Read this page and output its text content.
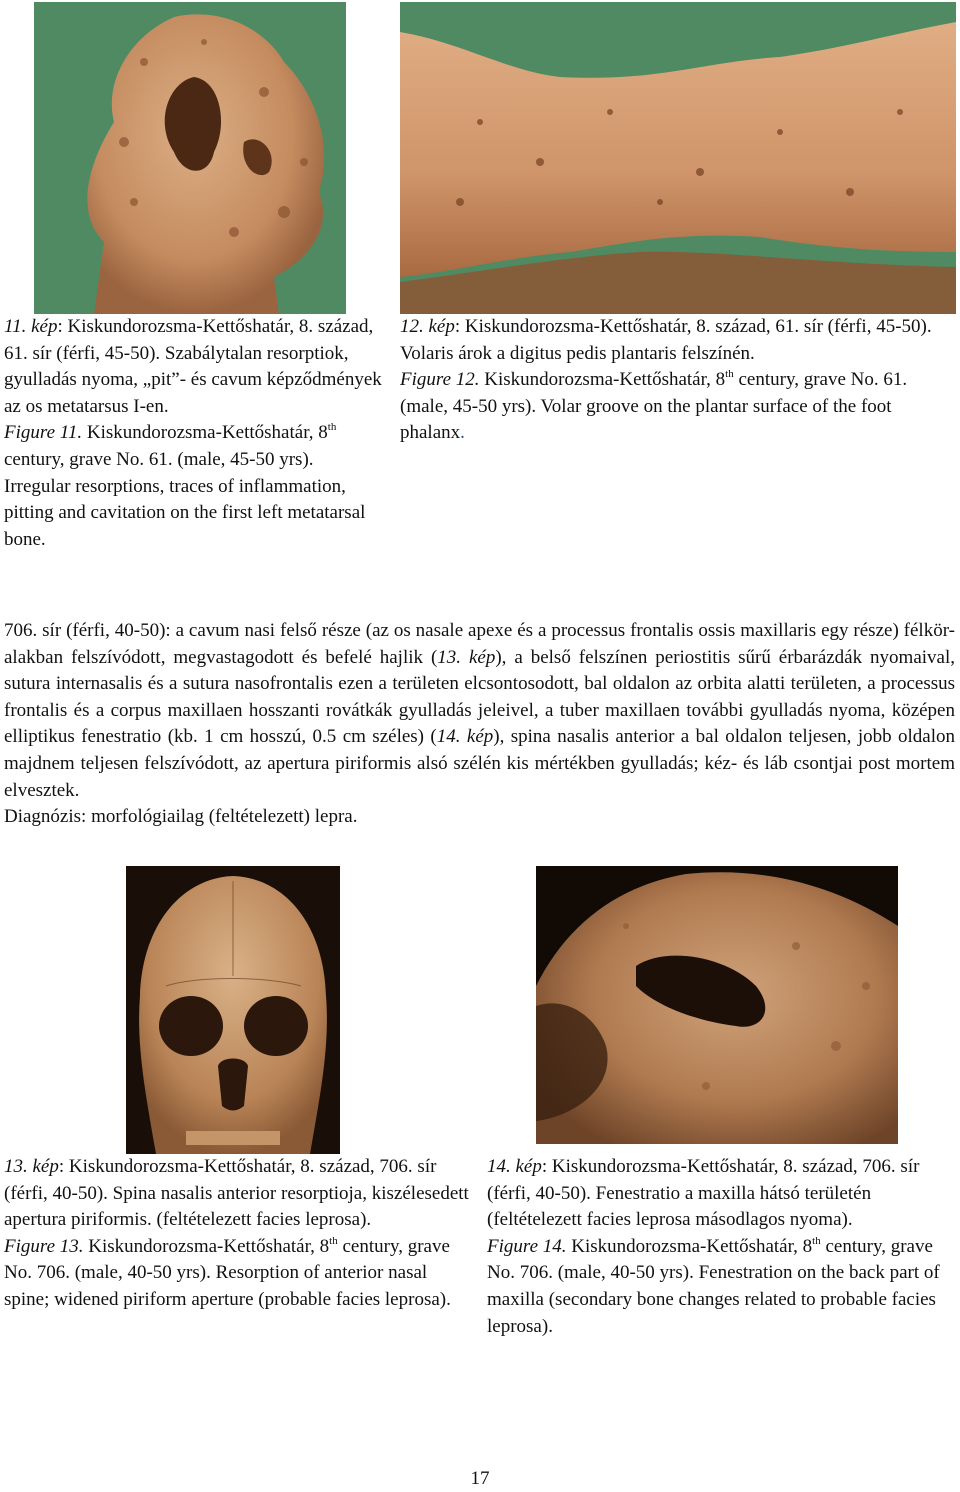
11. kép: Kiskundorozsma-Kettőshatár, 8. század, 61. sír (férfi, 45-50). Szabálytalan resorptiok, gyulladás nyoma, „pit”- és cavum képződmények az os metatarsus I-en.

Figure 11. Kiskundorozsma-Kettőshatár, 8th century, grave No. 61. (male, 45-50 yrs). Irregular resorptions, traces of inflammation, pitting and cavitation on the first left metatarsal bone.

12. kép: Kiskundorozsma-Kettőshatár, 8. század, 61. sír (férfi, 45-50). Volaris árok a digitus pedis plantaris felszínén.

Figure 12. Kiskundorozsma-Kettőshatár, 8th century, grave No. 61. (male, 45-50 yrs). Volar groove on the plantar surface of the foot phalanx.

706. sír (férfi, 40-50): a cavum nasi felső része (az os nasale apexe és a processus frontalis ossis maxillaris egy része) félkör-alakban felszívódott, megvastagodott és befelé hajlik (13. kép), a belső felszínen periostitis sűrű érbarázdák nyomaival, sutura internasalis és a sutura nasofrontalis ezen a területen elcsontosodott, bal oldalon az orbita alatti területen, a processus frontalis és a corpus maxillaen hosszanti rovátkák gyulladás jeleivel, a tuber maxillaen további gyulladás nyoma, középen elliptikus fenestratio (kb. 1 cm hosszú, 0.5 cm széles) (14. kép), spina nasalis anterior a bal oldalon teljesen, jobb oldalon majdnem teljesen felszívódott, az apertura piriformis alsó szélén kis mértékben gyulladás; kéz- és láb csontjai post mortem elvesztek.

Diagnózis: morfológiailag (feltételezett) lepra.

13. kép: Kiskundorozsma-Kettőshatár, 8. század, 706. sír (férfi, 40-50). Spina nasalis anterior resorptioja, kiszélesedett apertura piriformis. (feltételezett facies leprosa).

Figure 13. Kiskundorozsma-Kettőshatár, 8th century, grave No. 706. (male, 40-50 yrs). Resorption of anterior nasal spine; widened piriform aperture (probable facies leprosa).

14. kép: Kiskundorozsma-Kettőshatár, 8. század, 706. sír (férfi, 40-50). Fenestratio a maxilla hátsó területén (feltételezett facies leprosa másodlagos nyoma).

Figure 14. Kiskundorozsma-Kettőshatár, 8th century, grave No. 706. (male, 40-50 yrs). Fenestration on the back part of maxilla (secondary bone changes related to probable facies leprosa).

17
